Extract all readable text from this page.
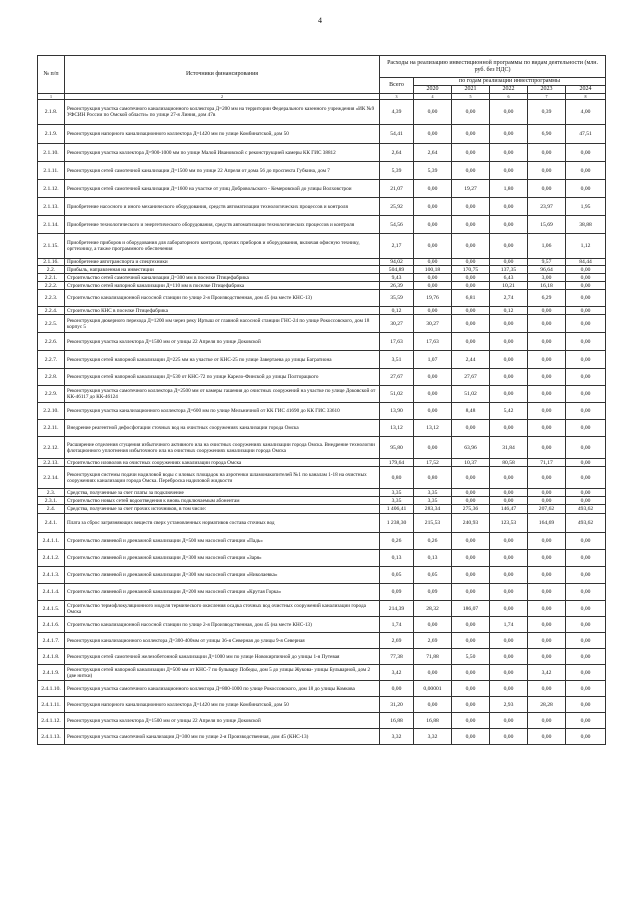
4
№ п/п	Источники финансирования	Расходы на реализацию инвестиционной программы по видам деятельности (млн. руб. без НДС)					
		Всего	по годам реализации инвестпрограммы				
			2020	2021	2022	2023	2024
1	2	3	4	5	6	7	8
2.1.8.	Реконструкция участка самотечного канализационного коллектора Д=200 мм на территории Федерального казенного учреждения «ИК №9 УФСИН России по Омской области» по улице 27-я Линия, дом 47в	4,39	0,00	0,00	0,00	0,39	4,00
2.1.9.	Реконструкция напорного канализационного коллектора Д=1420 мм по улице Комбинатской, дом 50	54,41	0,00	0,00	0,00	6,90	47,51
2.1.10.	Реконструкция участка коллектора Д=900-1000 мм по улице Малой Ивановской с реконструкцией камеры КК ГИС 38812	2,64	2,64	0,00	0,00	0,00	0,00
2.1.11.	Реконструкция сетей самотечной канализации Д=1500 мм по улице 22 Апреля от дома 56 до проспекта Губкина, дом 7	5,39	5,39	0,00	0,00	0,00	0,00
2.1.12.	Реконструкция сетей самотечной канализации Д=1600 на участке от улиц Добровольского - Кемеровской до улицы Волховстрои	21,07	0,00	19,27	1,80	0,00	0,00
2.1.13.	Приобретение насосного и иного механического оборудования, средств автоматизации технологических процессов и контроля	25,92	0,00	0,00	0,00	23,97	1,95
2.1.14.	Приобретение технологического и энергетического оборудования, средств автоматизации технологических процессов и контроля	54,56	0,00	0,00	0,00	15,69	38,88
2.1.15.	Приобретение приборов и оборудования для лабораторного контроля, прочих приборов и оборудования, включая офисную технику, оргтехнику, а также программного обеспечения	2,17	0,00	0,00	0,00	1,06	1,12
2.1.16.	Приобретение автотранспорта и спецтехники	94,02	0,00	0,00	0,00	9,57	84,44
2.2.	Прибыль, направленная на инвестиции	504,89	100,18	170,75	137,35	96,64	0,00
2.2.1.	Строительство сетей самотечной канализации Д=300 мм в поселке Птицефабрика	9,43	0,00	0,00	6,43	3,00	0,00
2.2.2.	Строительство сетей напорной канализации Д=110 мм в поселке Птицефабрика	26,39	0,00	0,00	10,21	16,18	0,00
2.2.3.	Строительство канализационной насосной станции по улице 2-я Производственная, дом 45 (на месте КНС-13)	35,59	19,76	6,81	2,74	6,29	0,00
2.2.4.	Строительство КНС в поселке Птицефабрика	0,12	0,00	0,00	0,12	0,00	0,00
2.2.5.	Реконструкция дюкерного перехода Д=1200 мм через реку Иртыш от главной насосной станции ГНС-24 по улице Рокоссовского, дом 18 корпус 5	30,27	30,27	0,00	0,00	0,00	0,00
2.2.6.	Реконструкция участка коллектора Д=1500 мм от улицы 22 Апреля по улице Доковской	17,63	17,63	0,00	0,00	0,00	0,00
2.2.7.	Реконструкция сетей напорной канализации Д=225 мм на участке от КНС-25 по улице Завертаева до улицы Багратиона	3,51	1,07	2,44	0,00	0,00	0,00
2.2.8.	Реконструкция сетей напорной канализации Д=530 от КНС-72 по улице Карело-Финской до улицы Полторацкого	27,67	0,00	27,67	0,00	0,00	0,00
2.2.9.	Реконструкция участка самотечного коллектора Д=2500 мм от камеры гашения до очистных сооружений на участке по улице Доковской от КК-46117 до КК-46124	51,02	0,00	51,02	0,00	0,00	0,00
2.2.10.	Реконструкция участка канализационного коллектора Д=600 мм по улице Мельничной от КК ГИС 41690 до КК ГИС 33610	13,90	0,00	8,48	5,42	0,00	0,00
2.2.11.	Внедрение реагентной дефосфотации сточных вод на очистных сооружениях канализации города Омска	13,12	13,12	0,00	0,00	0,00	0,00
2.2.12.	Расширение отделения сгущения избыточного активного ила на очистных сооружениях канализации города Омска. Внедрение технологии флотационного уплотнения избыточного ила на очистных сооружениях канализации города Омска	95,80	0,00	63,96	31,84	0,00	0,00
2.2.13.	Строительство иловолов на очистных сооружениях канализации города Омска	179,64	17,52	10,37	80,58	71,17	0,00
2.2.14.	Реконструкция системы подачи надиловой воды с иловых площадок на аэротенки шламонакопителей №1 по каналам 1-18 на очистных сооружениях канализации города Омска. Переброска надиловой жидкости	0,80	0,80	0,00	0,00	0,00	0,00
2.3.	Средства, полученные за счет платы за подключение	3,35	3,35	0,00	0,00	0,00	0,00
2.3.1.	Строительство новых сетей водоотведения к вновь подключаемым абонентам	3,35	3,35	0,00	0,00	0,00	0,00
2.4.	Средства, полученные за счет прочих источников, в том числе:	1 406,41	283,34	275,36	146,47	207,62	493,62
2.4.1.	Плата за сброс загрязняющих веществ сверх установленных нормативов состава сточных вод	1 238,30	215,53	240,93	123,53	164,69	493,62
2.4.1.1.	Строительство ливневой и дренажной канализации Д=500 мм насосной станции «Падь»	0,26	0,26	0,00	0,00	0,00	0,00
2.4.1.2.	Строительство ливневой и дренажной канализации Д=300 мм насосной станции «Заря»	0,13	0,13	0,00	0,00	0,00	0,00
2.4.1.3.	Строительство ливневой и дренажной канализации Д=300 мм насосной станции «Николаевка»	0,05	0,05	0,00	0,00	0,00	0,00
2.4.1.4.	Строительство ливневой и дренажной канализации Д=200 мм насосной станции «Крутая Горка»	0,09	0,09	0,00	0,00	0,00	0,00
2.4.1.5.	Строительство термофлокуляционного модуля термического окисления осадка сточных вод очистных сооружений канализации города Омска	214,39	28,32	186,07	0,00	0,00	0,00
2.4.1.6.	Строительство канализационной насосной станции по улице 2-я Производственная, дом 45 (на месте КНС-13)	1,74	0,00	0,00	1,74	0,00	0,00
2.4.1.7.	Реконструкция канализационного коллектора Д=300-400мм от улицы 36-я Северная до улицы 9-я Северная	2,69	2,69	0,00	0,00	0,00	0,00
2.4.1.8.	Реконструкция сетей самотечной железобетонной канализации Д=1000 мм по улице Новокирпичной до улицы 1-я Путевая	77,38	71,88	5,50	0,00	0,00	0,00
2.4.1.9.	Реконструкция сетей напорной канализации Д=500 мм от КНС-7 по бульвару Победы, дом 5 до улицы Жукова- улицы Бульварной, дом 2 (две нитки)	3,42	0,00	0,00	0,00	3,42	0,00
2.4.1.10.	Реконструкция участка самотечного канализационного коллектора Д=800-1000 по улице Рокоссовского, дом 18 до улицы Комкова	0,00	0,00001	0,00	0,00	0,00	0,00
2.4.1.11.	Реконструкция напорного канализационного коллектора Д=1420 мм по улице Комбинатской, дом 50	31,20	0,00	0,00	2,93	28,28	0,00
2.4.1.12.	Реконструкция участка коллектора Д=1500 мм от улицы 22 Апреля по улице Доковской	16,88	16,88	0,00	0,00	0,00	0,00
2.4.1.13.	Реконструкция участка самотечной канализации Д=300 мм по улице 2-я Производственная, дом 45 (КНС-13)	3,32	3,32	0,00	0,00	0,00	0,00
